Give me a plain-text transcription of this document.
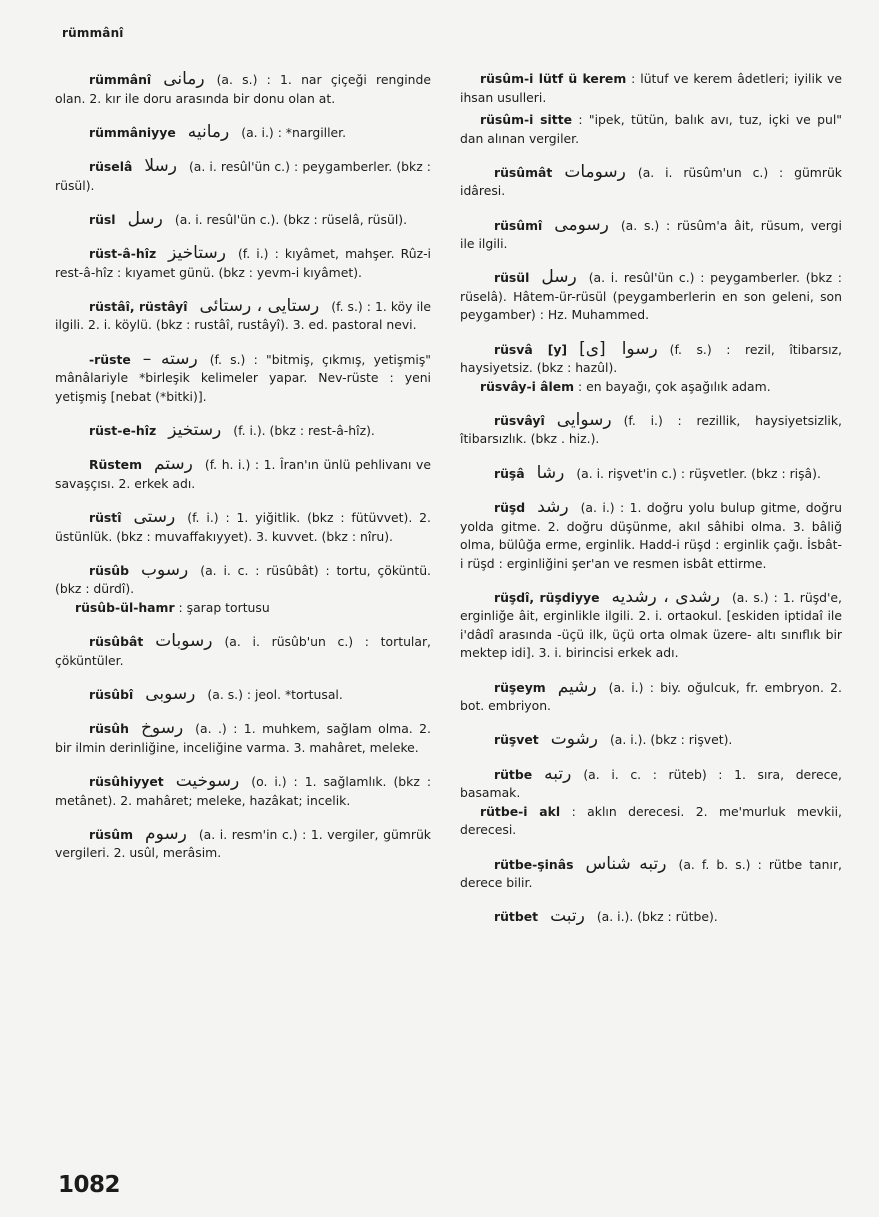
rümmânî
rümmânî رمانى (a. s.) : 1. nar çiçeği renginde olan. 2. kır ile doru arasında bir donu olan at.
rümmâniyye رمانيه (a. i.) : *nargiller.
rüselâ رسلا (a. i. resûl'ün c.) : peygamberler. (bkz : rüsül).
rüsl رسل (a. i. resûl'ün c.). (bkz : rüselâ, rüsül).
rüst-â-hîz رستاخيز (f. i.) : kıyâmet, mahşer. Rûz-i rest-â-hîz : kıyamet günü. (bkz : yevm-i kıyâmet).
rüstâî, rüstâyî رستايى ، رستائى (f. s.) : 1. köy ile ilgili. 2. i. köylü. (bkz : rustâî, rustâyî). 3. ed. pastoral nevi.
-rüste رسته – (f. s.) : "bitmiş, çıkmış, yetişmiş" mânâlariyle *birleşik kelimeler yapar. Nev-rüste : yeni yetişmiş [nebat (*bitki)].
rüst-e-hîz رستخيز (f. i.). (bkz : rest-â-hîz).
Rüstem رستم (f. h. i.) : 1. Îran'ın ünlü pehlivanı ve savaşçısı. 2. erkek adı.
rüstî رستى (f. i.) : 1. yiğitlik. (bkz : fütüvvet). 2. üstünlük. (bkz : muvaffakıyyet). 3. kuvvet. (bkz : nîru).
rüsûb رسوب (a. i. c. : rüsûbât) : tortu, çöküntü. (bkz : dürdî).
rüsûb-ül-hamr : şarap tortusu
rüsûbât رسوبات (a. i. rüsûb'un c.) : tortular, çöküntüler.
rüsûbî رسوبى (a. s.) : jeol. *tortusal.
rüsûh رسوخ (a. .) : 1. muhkem, sağlam olma. 2. bir ilmin derinliğine, inceliğine varma. 3. mahâret, meleke.
rüsûhiyyet رسوخيت (o. i.) : 1. sağlamlık. (bkz : metânet). 2. mahâret; meleke, hazâkat; incelik.
rüsûm رسوم (a. i. resm'in c.) : 1. vergiler, gümrük vergileri. 2. usûl, merâsim.
rüsûm-i lütf ü kerem : lütuf ve kerem âdetleri; iyilik ve ihsan usulleri.
rüsûm-i sitte : "ipek, tütün, balık avı, tuz, içki ve pul" dan alınan vergiler.
rüsûmât رسومات (a. i. rüsûm'un c.) : gümrük idâresi.
rüsûmî رسومى (a. s.) : rüsûm'a âit, rüsum, vergi ile ilgili.
rüsül رسل (a. i. resûl'ün c.) : peygamberler. (bkz : rüselâ). Hâtem-ür-rüsül (peygamberlerin en son geleni, son peygamber) : Hz. Muhammed.
rüsvâ [y] رسوا [ى] (f. s.) : rezil, îtibarsız, haysiyetsiz. (bkz : hazûl).
rüsvây-i âlem : en bayağı, çok aşağılık adam.
rüsvâyî رسوايى (f. i.) : rezillik, haysiyetsizlik, îtibarsızlık. (bkz . hiz.).
rüşâ رشا (a. i. rişvet'in c.) : rüşvetler. (bkz : rişâ).
rüşd رشد (a. i.) : 1. doğru yolu bulup gitme, doğru yolda gitme. 2. doğru düşünme, akıl sâhibi olma. 3. bâliğ olma, bülûğa erme, erginlik. Hadd-i rüşd : erginlik çağı. İsbât-i rüşd : erginliğini şer'an ve resmen isbât ettirme.
rüşdî, rüşdiyye رشدى ، رشديه (a. s.) : 1. rüşd'e, erginliğe âit, erginlikle ilgili. 2. i. ortaokul. [eskiden iptidaî ile i'dâdî arasında -üçü ilk, üçü orta olmak üzere- altı sınıflık bir mektep idi]. 3. i. birincisi erkek adı.
rüşeym رشيم (a. i.) : biy. oğulcuk, fr. embryon. 2. bot. embriyon.
rüşvet رشوت (a. i.). (bkz : rişvet).
rütbe رتبه (a. i. c. : rüteb) : 1. sıra, derece, basamak.
rütbe-i akl : aklın derecesi. 2. me'murluk mevkii, derecesi.
rütbe-şinâs رتبه شناس (a. f. b. s.) : rütbe tanır, derece bilir.
rütbet رتبت (a. i.). (bkz : rütbe).
1082
